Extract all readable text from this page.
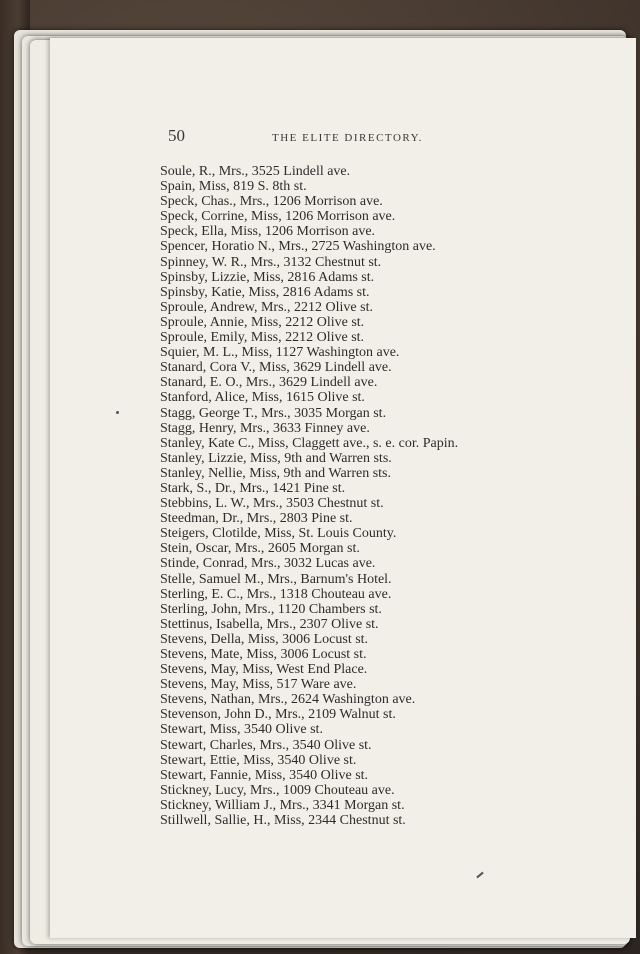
50	THE ELITE DIRECTORY.
Soule, R., Mrs., 3525 Lindell ave.
Spain, Miss, 819 S. 8th st.
Speck, Chas., Mrs., 1206 Morrison ave.
Speck, Corrine, Miss, 1206 Morrison ave.
Speck, Ella, Miss, 1206 Morrison ave.
Spencer, Horatio N., Mrs., 2725 Washington ave.
Spinney, W. R., Mrs., 3132 Chestnut st.
Spinsby, Lizzie, Miss, 2816 Adams st.
Spinsby, Katie, Miss, 2816 Adams st.
Sproule, Andrew, Mrs., 2212 Olive st.
Sproule, Annie, Miss, 2212 Olive st.
Sproule, Emily, Miss, 2212 Olive st.
Squier, M. L., Miss, 1127 Washington ave.
Stanard, Cora V., Miss, 3629 Lindell ave.
Stanard, E. O., Mrs., 3629 Lindell ave.
Stanford, Alice, Miss, 1615 Olive st.
Stagg, George T., Mrs., 3035 Morgan st.
Stagg, Henry, Mrs., 3633 Finney ave.
Stanley, Kate C., Miss, Claggett ave., s. e. cor. Papin.
Stanley, Lizzie, Miss, 9th and Warren sts.
Stanley, Nellie, Miss, 9th and Warren sts.
Stark, S., Dr., Mrs., 1421 Pine st.
Stebbins, L. W., Mrs., 3503 Chestnut st.
Steedman, Dr., Mrs., 2803 Pine st.
Steigers, Clotilde, Miss, St. Louis County.
Stein, Oscar, Mrs., 2605 Morgan st.
Stinde, Conrad, Mrs., 3032 Lucas ave.
Stelle, Samuel M., Mrs., Barnum's Hotel.
Sterling, E. C., Mrs., 1318 Chouteau ave.
Sterling, John, Mrs., 1120 Chambers st.
Stettinus, Isabella, Mrs., 2307 Olive st.
Stevens, Della, Miss, 3006 Locust st.
Stevens, Mate, Miss, 3006 Locust st.
Stevens, May, Miss, West End Place.
Stevens, May, Miss, 517 Ware ave.
Stevens, Nathan, Mrs., 2624 Washington ave.
Stevenson, John D., Mrs., 2109 Walnut st.
Stewart, Miss, 3540 Olive st.
Stewart, Charles, Mrs., 3540 Olive st.
Stewart, Ettie, Miss, 3540 Olive st.
Stewart, Fannie, Miss, 3540 Olive st.
Stickney, Lucy, Mrs., 1009 Chouteau ave.
Stickney, William J., Mrs., 3341 Morgan st.
Stillwell, Sallie, H., Miss, 2344 Chestnut st.
